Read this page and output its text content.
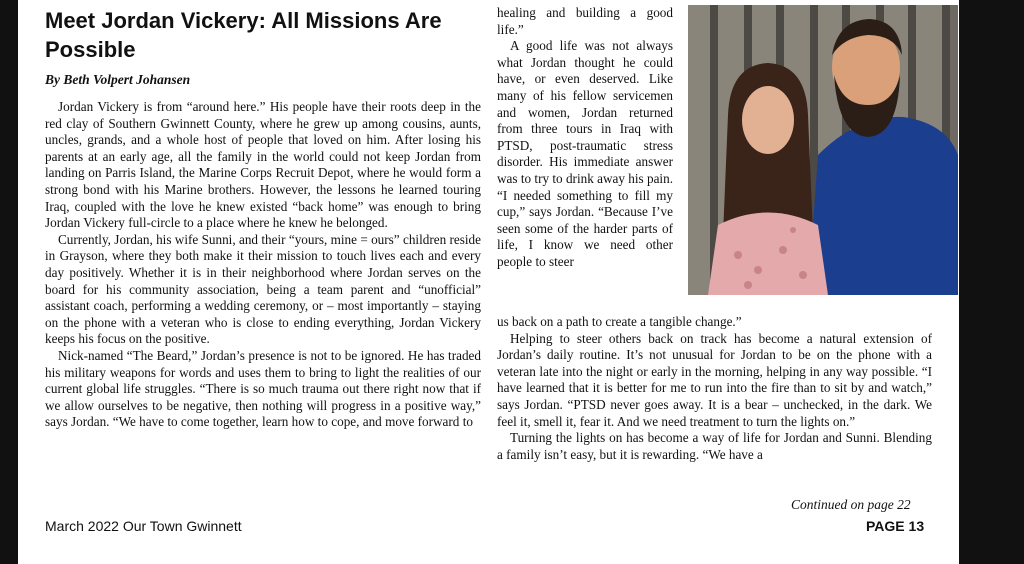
Meet Jordan Vickery: All Missions Are Possible
By Beth Volpert Johansen

Jordan Vickery is from “around here.” His people have their roots deep in the red clay of Southern Gwinnett County, where he grew up among cousins, aunts, uncles, grands, and a whole host of people that loved on him. After losing his parents at an early age, all the family in the world could not keep Jordan from landing on Parris Island, the Marine Corps Recruit Depot, where he would form a strong bond with his Marine brothers. However, the lessons he learned touring Iraq, coupled with the love he knew existed “back home” was enough to bring Jordan Vickery full-circle to a place where he knew he belonged.

Currently, Jordan, his wife Sunni, and their “yours, mine = ours” children reside in Grayson, where they both make it their mission to touch lives each and every day positively. Whether it is in their neighborhood where Jordan serves on the board for his community association, being a team parent and “unofficial” assistant coach, performing a wedding ceremony, or – most importantly – staying on the phone with a veteran who is close to ending everything, Jordan Vickery keeps his focus on the positive.

Nick-named “The Beard,” Jordan’s presence is not to be ignored. He has traded his military weapons for words and uses them to bring to light the realities of our current global life struggles. “There is so much trauma out there right now that if we allow ourselves to be negative, then nothing will progress in a positive way,” says Jordan. “We have to come together, learn how to cope, and move forward to

healing and building a good life.”

A good life was not always what Jordan thought he could have, or even deserved. Like many of his fellow servicemen and women, Jordan returned from three tours in Iraq with PTSD, post-traumatic stress disorder. His immediate answer was to try to drink away his pain. “I needed something to fill my cup,” says Jordan. “Because I’ve seen some of the harder parts of life, I know we need other people to steer

us back on a path to create a tangible change.”

Helping to steer others back on track has become a natural extension of Jordan’s daily routine. It’s not unusual for Jordan to be on the phone with a veteran late into the night or early in the morning, helping in any way possible. “I have learned that it is better for me to run into the fire than to sit by and watch,” says Jordan. “PTSD never goes away. It is a bear – unchecked, in the dark. We feel it, smell it, fear it. And we need treatment to turn the lights on.”

Turning the lights on has become a way of life for Jordan and Sunni. Blending a family isn’t easy, but it is rewarding. “We have a

Continued on page 22
March 2022 Our Town Gwinnett	PAGE 13
